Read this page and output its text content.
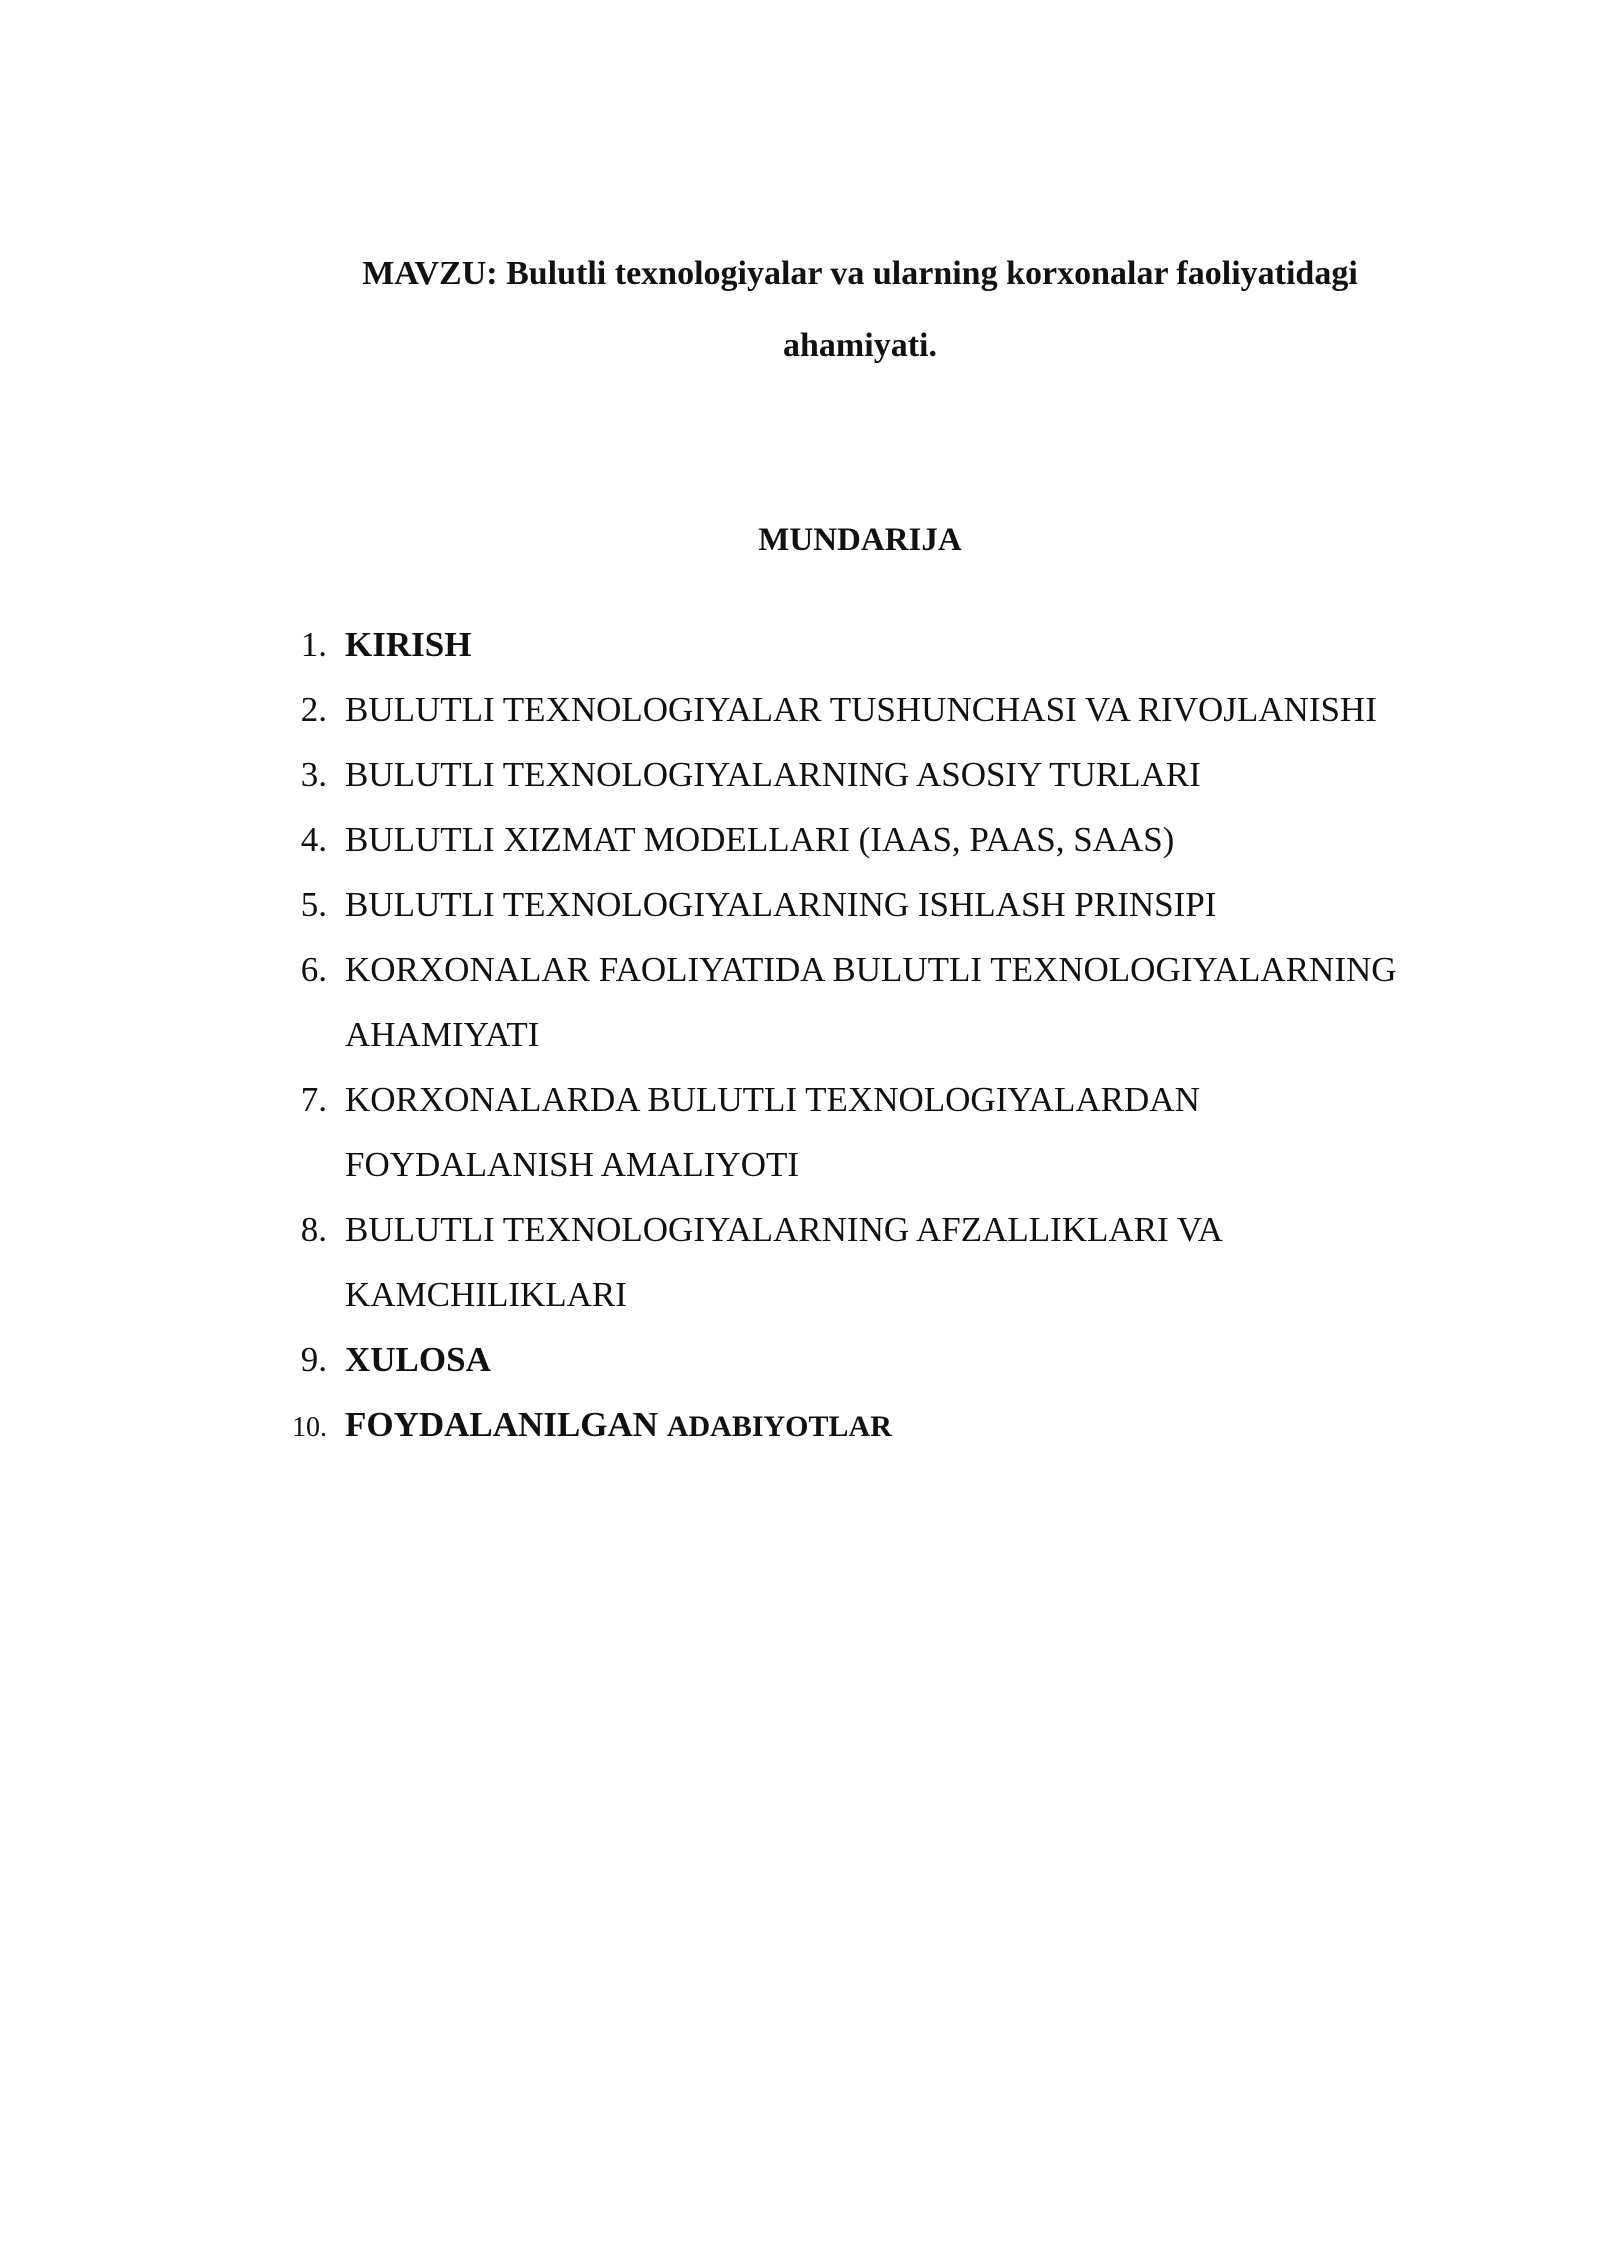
MAVZU: Bulutli texnologiyalar va ularning korxonalar faoliyatidagi
ahamiyati.
MUNDARIJA
1. KIRISH
2. BULUTLI TEXNOLOGIYALAR TUSHUNCHASI VA RIVOJLANISHI
3. BULUTLI TEXNOLOGIYALARNING ASOSIY TURLARI
4. BULUTLI XIZMAT MODELLARI (IAAS, PAAS, SAAS)
5. BULUTLI TEXNOLOGIYALARNING ISHLASH PRINSIPI
6. KORXONALAR FAOLIYATIDA BULUTLI TEXNOLOGIYALARNING
AHAMIYATI
7. KORXONALARDA BULUTLI TEXNOLOGIYALARDAN
FOYDALANISH AMALIYOTI
8. BULUTLI TEXNOLOGIYALARNING AFZALLIKLARI VA
KAMCHILIKLARI
9. XULOSA
10. FOYDALANILGAN ADABIYOTLAR
